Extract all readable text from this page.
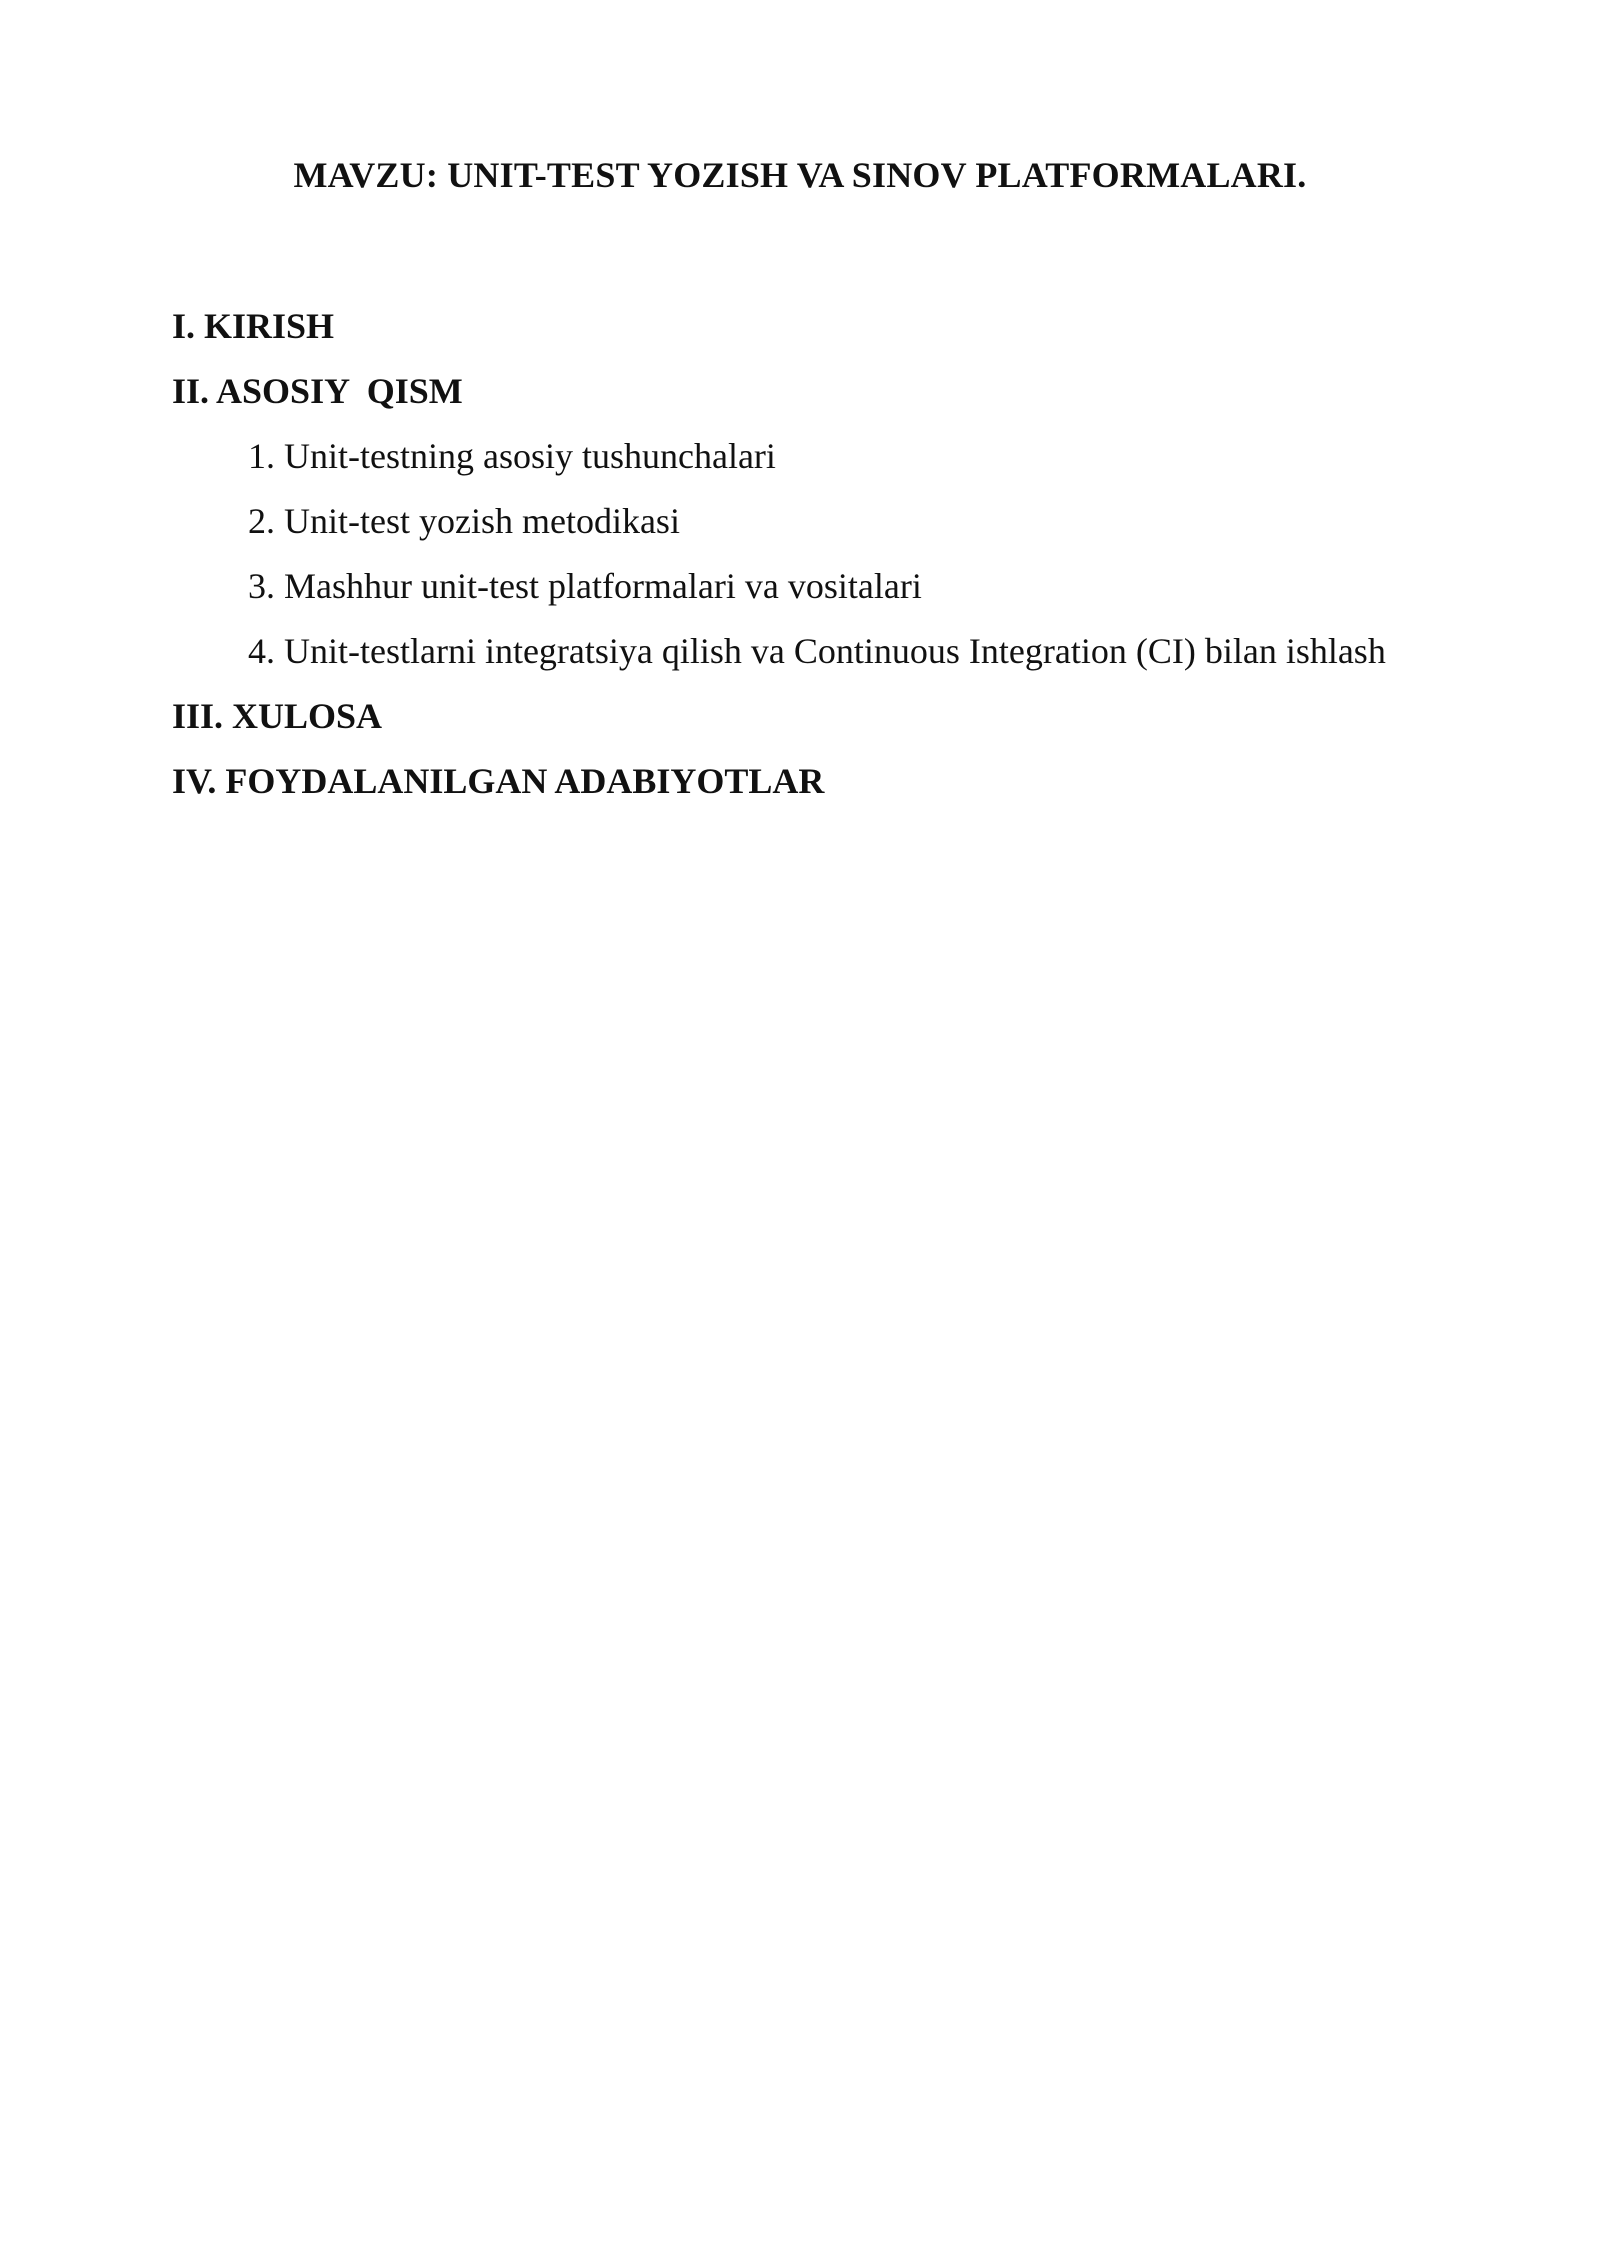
MAVZU: UNIT-TEST YOZISH VA SINOV PLATFORMALARI.

I. KIRISH

II. ASOSIY  QISM

1. Unit-testning asosiy tushunchalari

2. Unit-test yozish metodikasi

3. Mashhur unit-test platformalari va vositalari

4. Unit-testlarni integratsiya qilish va Continuous Integration (CI) bilan ishlash

III. XULOSA

IV. FOYDALANILGAN ADABIYOTLAR
